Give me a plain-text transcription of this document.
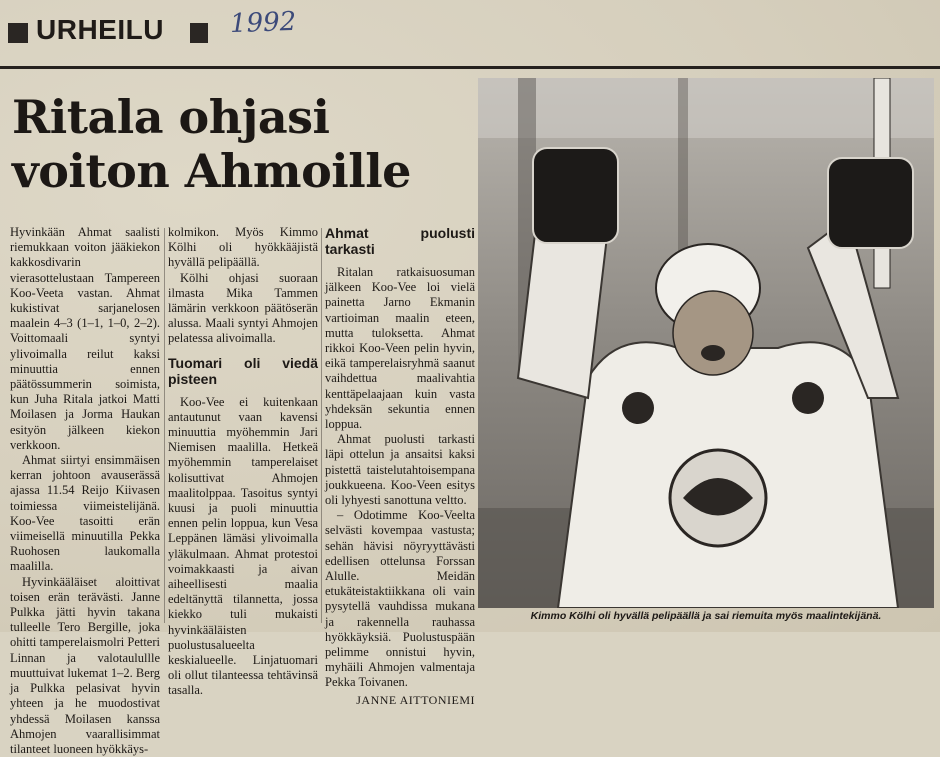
URHEILU	1992
Ritala ohjasi
voiton Ahmoille

Hyvinkään Ahmat saalisti riemukkaan voiton jääkiekon kakkosdivarin vierasottelustaan Tampereen Koo-Veeta vastan. Ahmat kukistivat sarjanelosen maalein 4–3 (1–1, 1–0, 2–2). Voittomaali syntyi ylivoimalla reilut kaksi minuuttia ennen päätössummerin soimista, kun Juha Ritala jatkoi Matti Moilasen ja Jorma Haukan esityön jälkeen kiekon verkkoon.

Ahmat siirtyi ensimmäisen kerran johtoon avauserässä ajassa 11.54 Reijo Kiivasen toimiessa viimeistelijänä. Koo-Vee tasoitti erän viimeisellä minuutilla Pekka Ruohosen laukomalla maalilla.

Hyvinkääläiset aloittivat toisen erän terävästi. Janne Pulkka jätti hyvin takana tulleelle Tero Bergille, joka ohitti tamperelaismolri Petteri Linnan ja valotaulullle muuttuivat lukemat 1–2. Berg ja Pulkka pelasivat hyvin yhteen ja he muodostivat yhdessä Moilasen kanssa Ahmojen vaarallisimmat tilanteet luoneen hyökkäys-

kolmikon. Myös Kimmo Kölhi oli hyökkääjistä hyvällä pelipäällä.

Kölhi ohjasi suoraan ilmasta Mika Tammen lämärin verkkoon päätöserän alussa. Maali syntyi Ahmojen pelatessa alivoimalla.

Tuomari oli viedä pisteen

Koo-Vee ei kuitenkaan antautunut vaan kavensi minuuttia myöhemmin Jari Niemisen maalilla. Hetkeä myöhemmin tamperelaiset kolisuttivat Ahmojen maalitolppaa. Tasoitus syntyi kuusi ja puoli minuuttia ennen pelin loppua, kun Vesa Leppänen lämäsi ylivoimalla yläkulmaan. Ahmat protestoi voimakkaasti ja aivan aiheellisesti maalia edeltänyttä tilannetta, jossa kiekko tuli mukaisti hyvinkääläisten puolustusalueelta keskialueelle. Linjatuomari oli ollut tilanteessa tehtävinsä tasalla.

Ahmat puolusti tarkasti

Ritalan ratkaisuosuman jälkeen Koo-Vee loi vielä painetta Jarno Ekmanin vartioiman maalin eteen, mutta tuloksetta. Ahmat rikkoi Koo-Veen pelin hyvin, eikä tamperelaisryhmä saanut vaihdettua maalivahtia kenttäpelaajaan kuin vasta yhdeksän sekuntia ennen loppua.

Ahmat puolusti tarkasti läpi ottelun ja ansaitsi kaksi pistettä taistelutahtoisempana joukkueena. Koo-Veen esitys oli lyhyesti sanottuna veltto.

– Odotimme Koo-Veelta selvästi kovempaa vastusta; sehän hävisi nöyryyttävästi edellisen ottelunsa Forssan Alulle. Meidän etukäteistaktiikkana oli vain pysytellä vauhdissa mukana ja rakennella rauhassa hyökkäyksiä. Puolustuspään pelimme onnistui hyvin, myhäili Ahmojen valmentaja Pekka Toivanen.

JANNE AITTONIEMI
Kimmo Kölhi oli hyvällä pelipäällä ja sai riemuita myös maalintekijänä.
